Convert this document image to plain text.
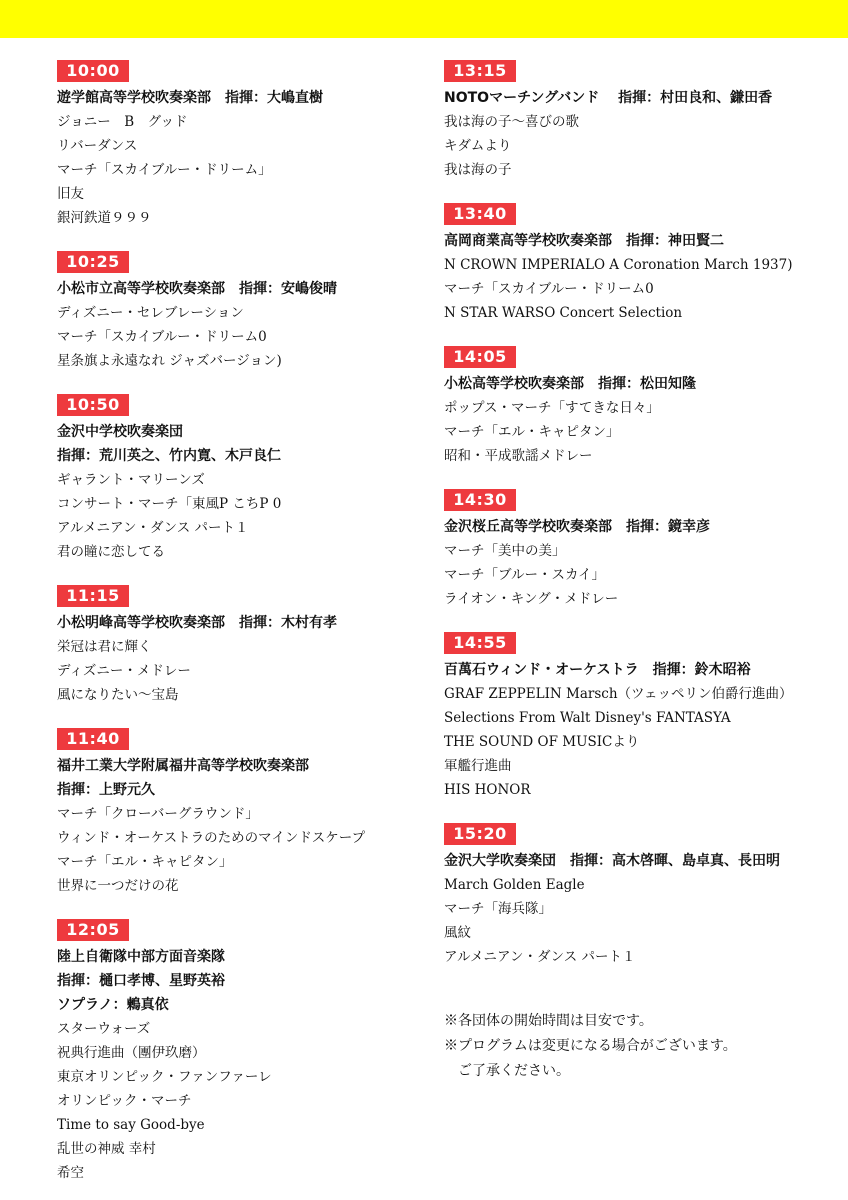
10:00
遊学館高等学校吹奏楽部　指揮：大嶋直樹
ジョニー　B　グッド
リバーダンス
マーチ「スカイブルー・ドリーム」
旧友
銀河鉄道９９９
10:25
小松市立高等学校吹奏楽部　指揮：安嶋俊晴
ディズニー・セレブレーション
マーチ「スカイブルー・ドリーム0
星条旗よ永遠なれ ジャズバージョン)
10:50
金沢中学校吹奏楽団
指揮：荒川英之、竹内寛、木戸良仁
ギャラント・マリーンズ
コンサート・マーチ「東風P こちP 0
アルメニアン・ダンス パート１
君の瞳に恋してる
11:15
小松明峰高等学校吹奏楽部　指揮：木村有孝
栄冠は君に輝く
ディズニー・メドレー
風になりたい〜宝島
11:40
福井工業大学附属福井高等学校吹奏楽部
指揮：上野元久
マーチ「クローバーグラウンド」
ウィンド・オーケストラのためのマインドスケープ
マーチ「エル・キャピタン」
世界に一つだけの花
12:05
陸上自衛隊中部方面音楽隊
指揮：樋口孝博、星野英裕
ソプラノ：鶫真依
スターウォーズ
祝典行進曲（團伊玖磨）
東京オリンピック・ファンファーレ
オリンピック・マーチ
Time to say Good-bye
乱世の神威 幸村
希空
13:15
NOTOマーチングバンド　 指揮：村田良和、鎌田香
我は海の子〜喜びの歌
キダムより
我は海の子
13:40
高岡商業高等学校吹奏楽部　指揮：神田賢二
N CROWN IMPERIALO A Coronation March 1937)
マーチ「スカイブルー・ドリーム0
N STAR WARSO Concert Selection
14:05
小松高等学校吹奏楽部　指揮：松田知隆
ポップス・マーチ「すてきな日々」
マーチ「エル・キャピタン」
昭和・平成歌謡メドレー
14:30
金沢桜丘高等学校吹奏楽部　指揮：鏡幸彦
マーチ「美中の美」
マーチ「ブルー・スカイ」
ライオン・キング・メドレー
14:55
百萬石ウィンド・オーケストラ　指揮：鈴木昭裕
GRAF ZEPPELIN Marsch（ツェッペリン伯爵行進曲）
Selections From Walt Disney's FANTASYA
THE SOUND OF MUSICより
軍艦行進曲
HIS HONOR
15:20
金沢大学吹奏楽団　指揮：高木啓暉、島卓真、長田明
March Golden Eagle
マーチ「海兵隊」
風紋
アルメニアン・ダンス パート１
※各団体の開始時間は目安です。
※プログラムは変更になる場合がございます。
　ご了承ください。
